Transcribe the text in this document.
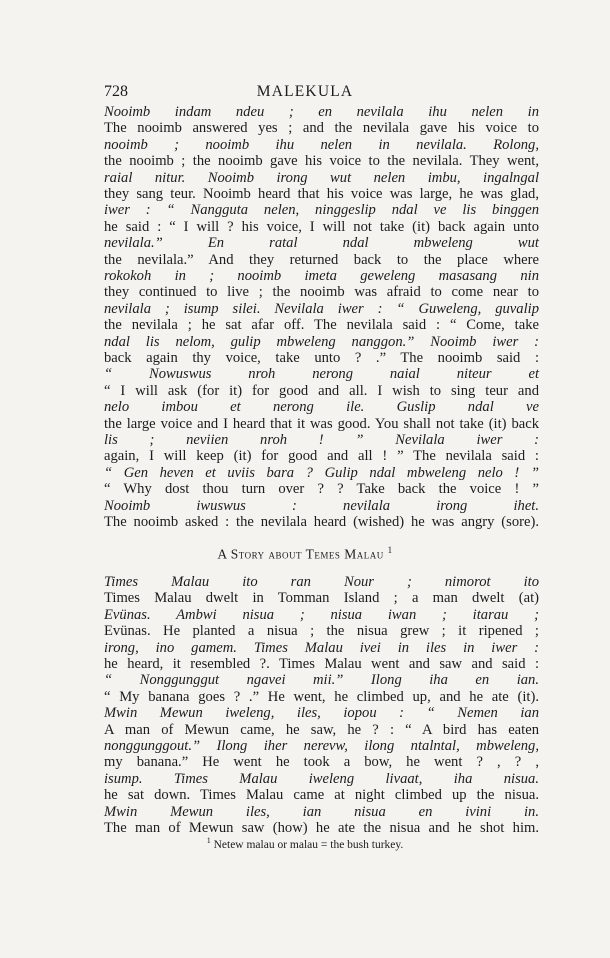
728	MALEKULA
Nooimb indam ndeu ; en nevilala ihu nelen in
The nooimb answered yes ; and the nevilala gave his voice to
nooimb ; nooimb ihu nelen in nevilala. Rolong,
the nooimb ; the nooimb gave his voice to the nevilala. They went,
raial nitur. Nooimb irong wut nelen imbu, ingalngal
they sang teur. Nooimb heard that his voice was large, he was glad,
iwer : “ Nangguta nelen, ninggeslip ndal ve lis binggen
he said : “ I will ? his voice, I will not take (it) back again unto
nevilala.” En ratal ndal mbweleng wut
the nevilala.” And they returned back to the place where
rokokoh in ; nooimb imeta geweleng masasang nin
they continued to live ; the nooimb was afraid to come near to
nevilala ; isump silei. Nevilala iwer : “ Guweleng, guvalip
the nevilala ; he sat afar off. The nevilala said : “ Come, take
ndal lis nelom, gulip mbweleng nanggon.” Nooimb iwer :
back again thy voice, take unto ? .” The nooimb said :
“ Nowuswus nroh nerong naial niteur et
“ I will ask (for it) for good and all. I wish to sing teur and
nelo imbou et nerong ile. Guslip ndal ve
the large voice and I heard that it was good. You shall not take (it) back
lis ; neviien nroh ! ” Nevilala iwer :
again, I will keep (it) for good and all ! ” The nevilala said :
“ Gen heven et uviis bara ? Gulip ndal mbweleng nelo ! ”
“ Why dost thou turn over ? ? Take back the voice ! ”
Nooimb iwuswus : nevilala irong ihet.
The nooimb asked : the nevilala heard (wished) he was angry (sore).
A Story about Temes Malau $^1$
Times Malau ito ran Nour ; nimorot ito
Times Malau dwelt in Tomman Island ; a man dwelt (at)
Evünas. Ambwi nisua ; nisua iwan ; itarau ;
Evünas. He planted a nisua ; the nisua grew ; it ripened ;
irong, ino gamem. Times Malau ivei in iles in iwer :
he heard, it resembled ?. Times Malau went and saw and said :
“ Nonggunggut ngavei mii.” Ilong iha en ian.
“ My banana goes ? .” He went, he climbed up, and he ate (it).
Mwin Mewun iweleng, iles, iopou : “ Nemen ian
A man of Mewun came, he saw, he ? : “ A bird has eaten
nonggunggout.” Ilong iher nerevw, ilong ntalntal, mbweleng,
my banana.” He went he took a bow, he went ? , ? ,
isump. Times Malau iweleng livaat, iha nisua.
he sat down. Times Malau came at night climbed up the nisua.
Mwin Mewun iles, ian nisua en ivini in.
The man of Mewun saw (how) he ate the nisua and he shot him.
$^1$ Netew malau or malau = the bush turkey.
